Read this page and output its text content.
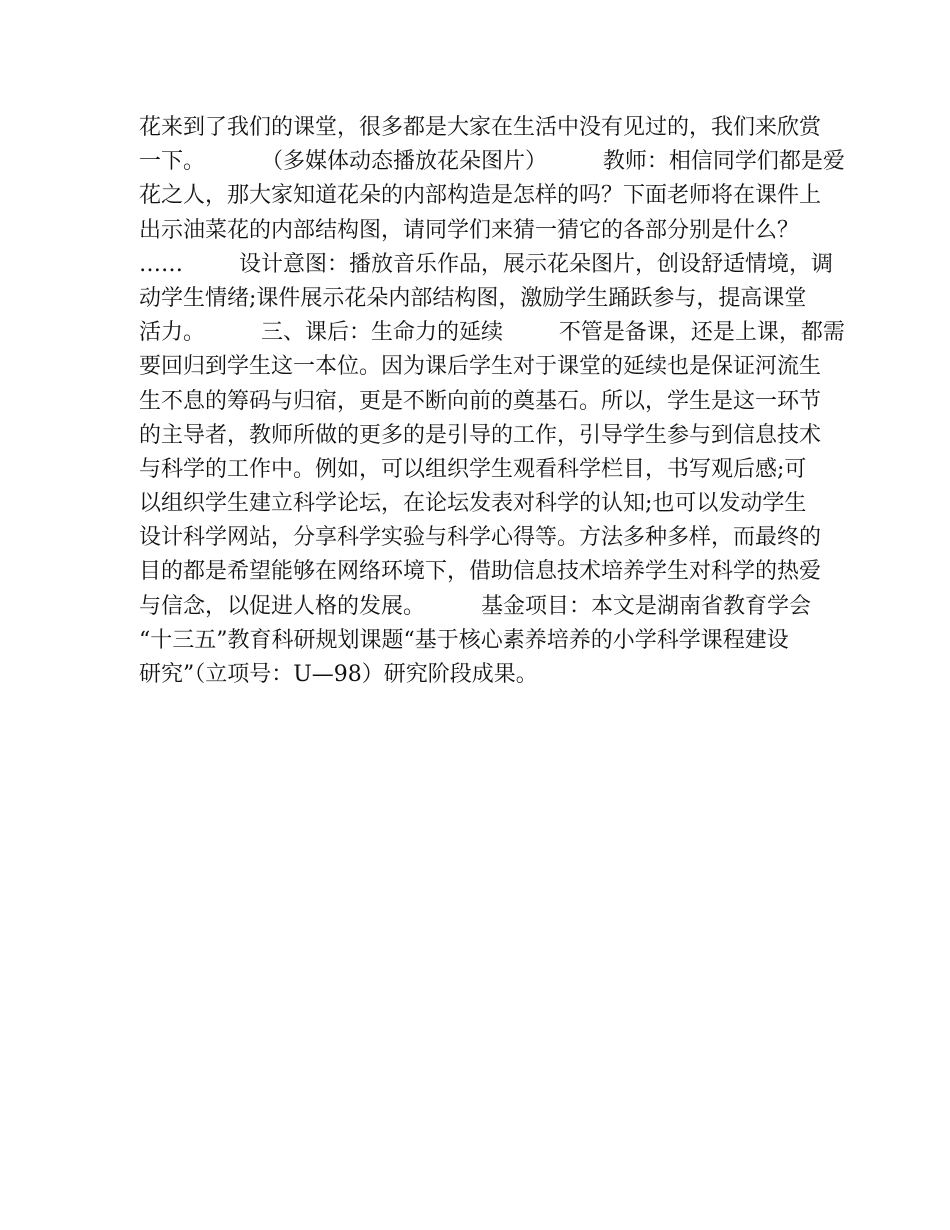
花来到了我们的课堂，很多都是大家在生活中没有见过的，我们来欣赏
一下。        （多媒体动态播放花朵图片）        教师：相信同学们都是爱
花之人，那大家知道花朵的内部构造是怎样的吗？下面老师将在课件上
出示油菜花的内部结构图，请同学们来猜一猜它的各部分别是什么？
……        设计意图：播放音乐作品，展示花朵图片，创设舒适情境，调
动学生情绪;课件展示花朵内部结构图，激励学生踊跃参与，提高课堂
活力。        三、课后：生命力的延续        不管是备课，还是上课，都需
要回归到学生这一本位。因为课后学生对于课堂的延续也是保证河流生
生不息的筹码与归宿，更是不断向前的奠基石。所以，学生是这一环节
的主导者，教师所做的更多的是引导的工作，引导学生参与到信息技术
与科学的工作中。例如，可以组织学生观看科学栏目，书写观后感;可
以组织学生建立科学论坛，在论坛发表对科学的认知;也可以发动学生
设计科学网站，分享科学实验与科学心得等。方法多种多样，而最终的
目的都是希望能够在网络环境下，借助信息技术培养学生对科学的热爱
与信念，以促进人格的发展。        基金项目：本文是湖南省教育学会
“十三五”教育科研规划课题“基于核心素养培养的小学科学课程建设
研究”（立项号：U—98）研究阶段成果。
